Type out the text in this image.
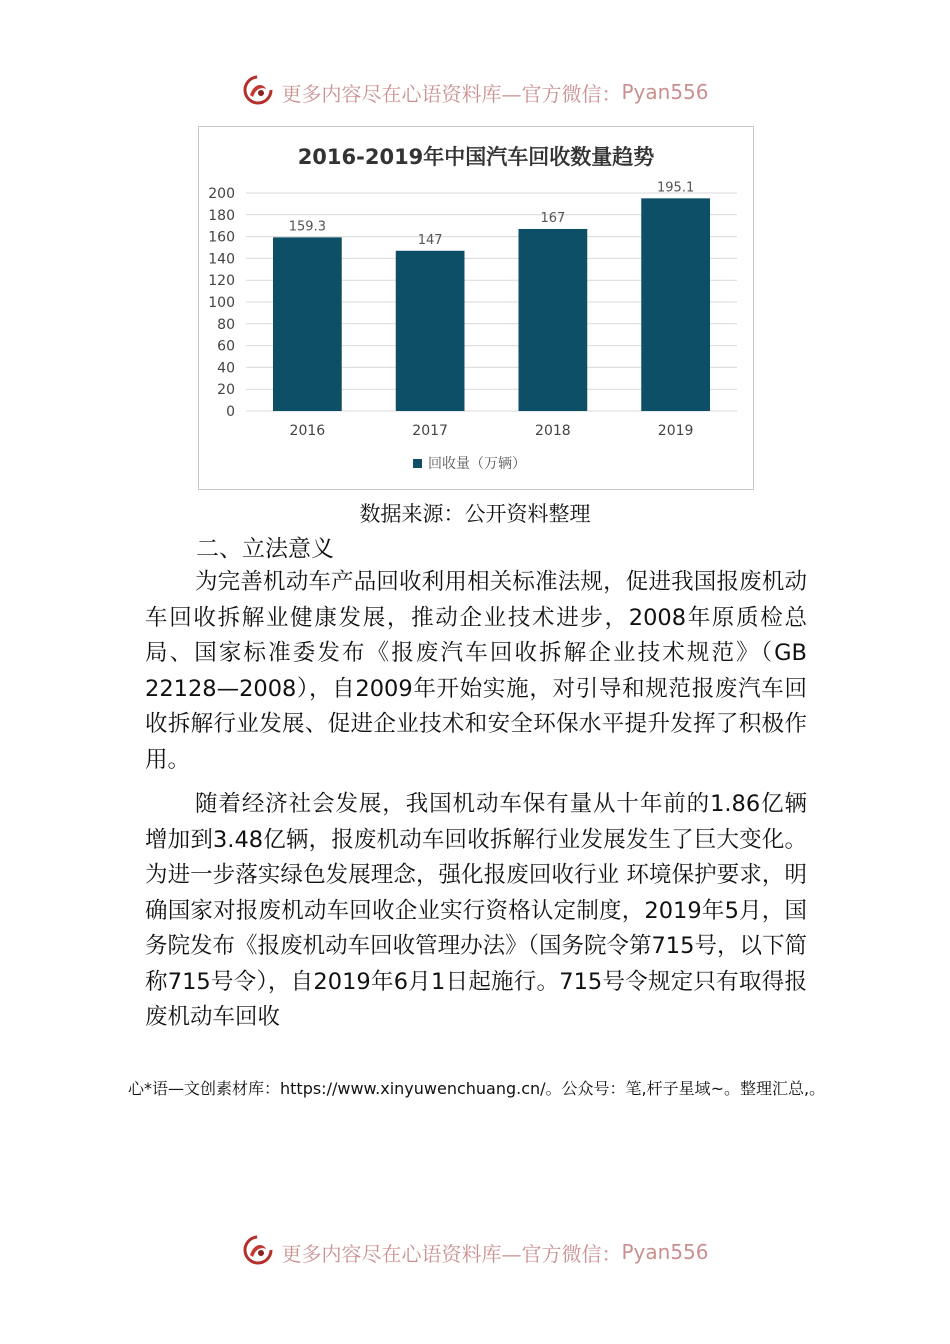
更多内容尽在心语资料库—官方微信： Pyan556
2016-2019年中国汽车回收数量趋势
0
20
40
60
80
100
120
140
160
180
200
159.3
147
167
195.1
2016	2017	2018	2019
回收量（万辆）
数据来源：公开资料整理
二、立法意义

为完善机动车产品回收利用相关标准法规，促进我国报废机动车回收拆解业健康发展，推动企业技术进步，2008年原质检总局、国家标准委发布《报废汽车回收拆解企业技术规范》（GB 22128—2008），自2009年开始实施，对引导和规范报废汽车回收拆解行业发展、促进企业技术和安全环保水平提升发挥了积极作用。

随着经济社会发展，我国机动车保有量从十年前的1.86亿辆增加到3.48亿辆，报废机动车回收拆解行业发展发生了巨大变化。为进一步落实绿色发展理念，强化报废回收行业 环境保护要求，明确国家对报废机动车回收企业实行资格认定制度，2019年5月，国务院发布《报废机动车回收管理办法》（国务院令第715号，以下简称715号令），自2019年6月1日起施行。715号令规定只有取得报废机动车回收

心*语—文创素材库：https://www.xinyuwenchuang.cn/。公众号：笔,杆子星域~。整理汇总,。

更多内容尽在心语资料库—官方微信： Pyan556
